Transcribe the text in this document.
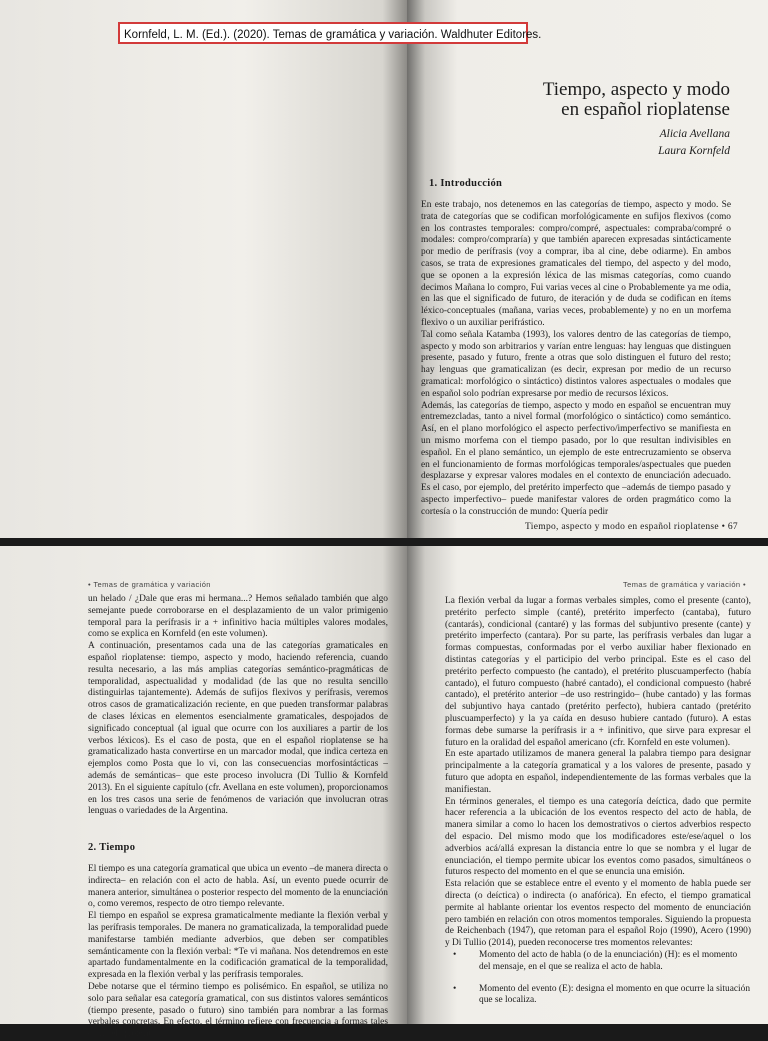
Kornfeld, L. M. (Ed.). (2020). Temas de gramática y variación. Waldhuter Editores.
Tiempo, aspecto y modo
en español rioplatense
Alicia Avellana
Laura Kornfeld
1. Introducción

En este trabajo, nos detenemos en las categorías de tiempo, aspecto y modo. Se trata de categorías que se codifican morfológicamente en sufijos flexivos (como en los contrastes temporales: compro/compré, aspectuales: compraba/compré o modales: compro/compraría) y que también aparecen expresadas sintácticamente por medio de perífrasis (voy a comprar, iba al cine, debe odiarme). En ambos casos, se trata de expresiones gramaticales del tiempo, del aspecto y del modo, que se oponen a la expresión léxica de las mismas categorías, como cuando decimos Mañana lo compro, Fui varias veces al cine o Probablemente ya me odia, en las que el significado de futuro, de iteración y de duda se codifican en ítems léxico-conceptuales (mañana, varias veces, probablemente) y no en un morfema flexivo o un auxiliar perifrástico.

Tal como señala Katamba (1993), los valores dentro de las categorías de tiempo, aspecto y modo son arbitrarios y varían entre lenguas: hay lenguas que distinguen presente, pasado y futuro, frente a otras que solo distinguen el futuro del resto; hay lenguas que gramaticalizan (es decir, expresan por medio de un recurso gramatical: morfológico o sintáctico) distintos valores aspectuales o modales que en español solo podrían expresarse por medio de recursos léxicos.

Además, las categorías de tiempo, aspecto y modo en español se encuentran muy entremezcladas, tanto a nivel formal (morfológico o sintáctico) como semántico. Así, en el plano morfológico el aspecto perfectivo/imperfectivo se manifiesta en un mismo morfema con el tiempo pasado, por lo que resultan indivisibles en español. En el plano semántico, un ejemplo de este entrecruzamiento se observa en el funcionamiento de formas morfológicas temporales/aspectuales que pueden desplazarse y expresar valores modales en el contexto de enunciación adecuado. Es el caso, por ejemplo, del pretérito imperfecto que –además de tiempo pasado y aspecto imperfectivo– puede manifestar valores de orden pragmático como la cortesía o la construcción de mundo: Quería pedir

Tiempo, aspecto y modo en español rioplatense • 67
• Temas de gramática y variación

un helado / ¿Dale que eras mi hermana...? Hemos señalado también que algo semejante puede corroborarse en el desplazamiento de un valor primigenio temporal para la perífrasis ir a + infinitivo hacia múltiples valores modales, como se explica en Kornfeld (en este volumen).

A continuación, presentamos cada una de las categorías gramaticales en español rioplatense: tiempo, aspecto y modo, haciendo referencia, cuando resulta necesario, a las más amplias categorías semántico-pragmáticas de temporalidad, aspectualidad y modalidad (de las que no resulta sencillo distinguirlas tajantemente). Además de sufijos flexivos y perífrasis, veremos otros casos de gramaticalización reciente, en que pueden transformar palabras de clases léxicas en elementos esencialmente gramaticales, despojados de significado conceptual (al igual que ocurre con los auxiliares a partir de los verbos léxicos). Es el caso de posta, que en el español rioplatense se ha gramaticalizado hasta convertirse en un marcador modal, que indica certeza en ejemplos como Posta que lo vi, con las consecuencias morfosintácticas –además de semánticas– que este proceso involucra (Di Tullio & Kornfeld 2013). En el siguiente capítulo (cfr. Avellana en este volumen), proporcionamos en los tres casos una serie de fenómenos de variación que involucran otras lenguas o variedades de la Argentina.

2. Tiempo

El tiempo es una categoría gramatical que ubica un evento –de manera directa o indirecta– en relación con el acto de habla. Así, un evento puede ocurrir de manera anterior, simultánea o posterior respecto del momento de la enunciación o, como veremos, respecto de otro tiempo relevante.

El tiempo en español se expresa gramaticalmente mediante la flexión verbal y las perífrasis temporales. De manera no gramaticalizada, la temporalidad puede manifestarse también mediante adverbios, que deben ser compatibles semánticamente con la flexión verbal: *Te vi mañana. Nos detendremos en este apartado fundamentalmente en la codificación gramatical de la temporalidad, expresada en la flexión verbal y las perífrasis temporales.

Debe notarse que el término tiempo es polisémico. En español, se utiliza no solo para señalar esa categoría gramatical, con sus distintos valores semánticos (tiempo presente, pasado o futuro) sino también para nombrar a las formas verbales concretas. En efecto, el término refiere con frecuencia a formas tales como el "pretérito

Temas de gramática y variación •

La flexión verbal da lugar a formas verbales simples, como el presente (canto), pretérito perfecto simple (canté), pretérito imperfecto (cantaba), futuro (cantarás), condicional (cantaré) y las formas del subjuntivo presente (cante) y pretérito imperfecto (cantara). Por su parte, las perífrasis verbales dan lugar a formas compuestas, conformadas por el verbo auxiliar haber flexionado en distintas categorías y el participio del verbo principal. Este es el caso del pretérito perfecto compuesto (he cantado), el pretérito pluscuamperfecto (había cantado), el futuro compuesto (habré cantado), el condicional compuesto (habré cantado), el pretérito anterior –de uso restringido– (hube cantado) y las formas del subjuntivo haya cantado (pretérito perfecto), hubiera cantado (pretérito pluscuamperfecto) y la ya caída en desuso hubiere cantado (futuro). A estas formas debe sumarse la perífrasis ir a + infinitivo, que sirve para expresar el futuro en la oralidad del español americano (cfr. Kornfeld en este volumen).

En este apartado utilizamos de manera general la palabra tiempo para designar principalmente a la categoría gramatical y a los valores de presente, pasado y futuro que adopta en español, independientemente de las formas verbales que la manifiestan.

En términos generales, el tiempo es una categoría deíctica, dado que permite hacer referencia a la ubicación de los eventos respecto del acto de habla, de manera similar a como lo hacen los demostrativos o ciertos adverbios respecto del espacio. Del mismo modo que los modificadores este/ese/aquel o los adverbios acá/allá expresan la distancia entre lo que se nombra y el lugar de enunciación, el tiempo permite ubicar los eventos como pasados, simultáneos o futuros respecto del momento en el que se enuncia una emisión.

Esta relación que se establece entre el evento y el momento de habla puede ser directa (o deíctica) o indirecta (o anafórica). En efecto, el tiempo gramatical permite al hablante orientar los eventos respecto del momento de enunciación pero también en relación con otros momentos temporales. Siguiendo la propuesta de Reichenbach (1947), que retoman para el español Rojo (1990), Acero (1990) y Di Tullio (2014), pueden reconocerse tres momentos relevantes:

• Momento del acto de habla (o de la enunciación) (H): es el momento del mensaje, en el que se realiza el acto de habla.
• Momento del evento (E): designa el momento en que ocurre la situación que se localiza.
